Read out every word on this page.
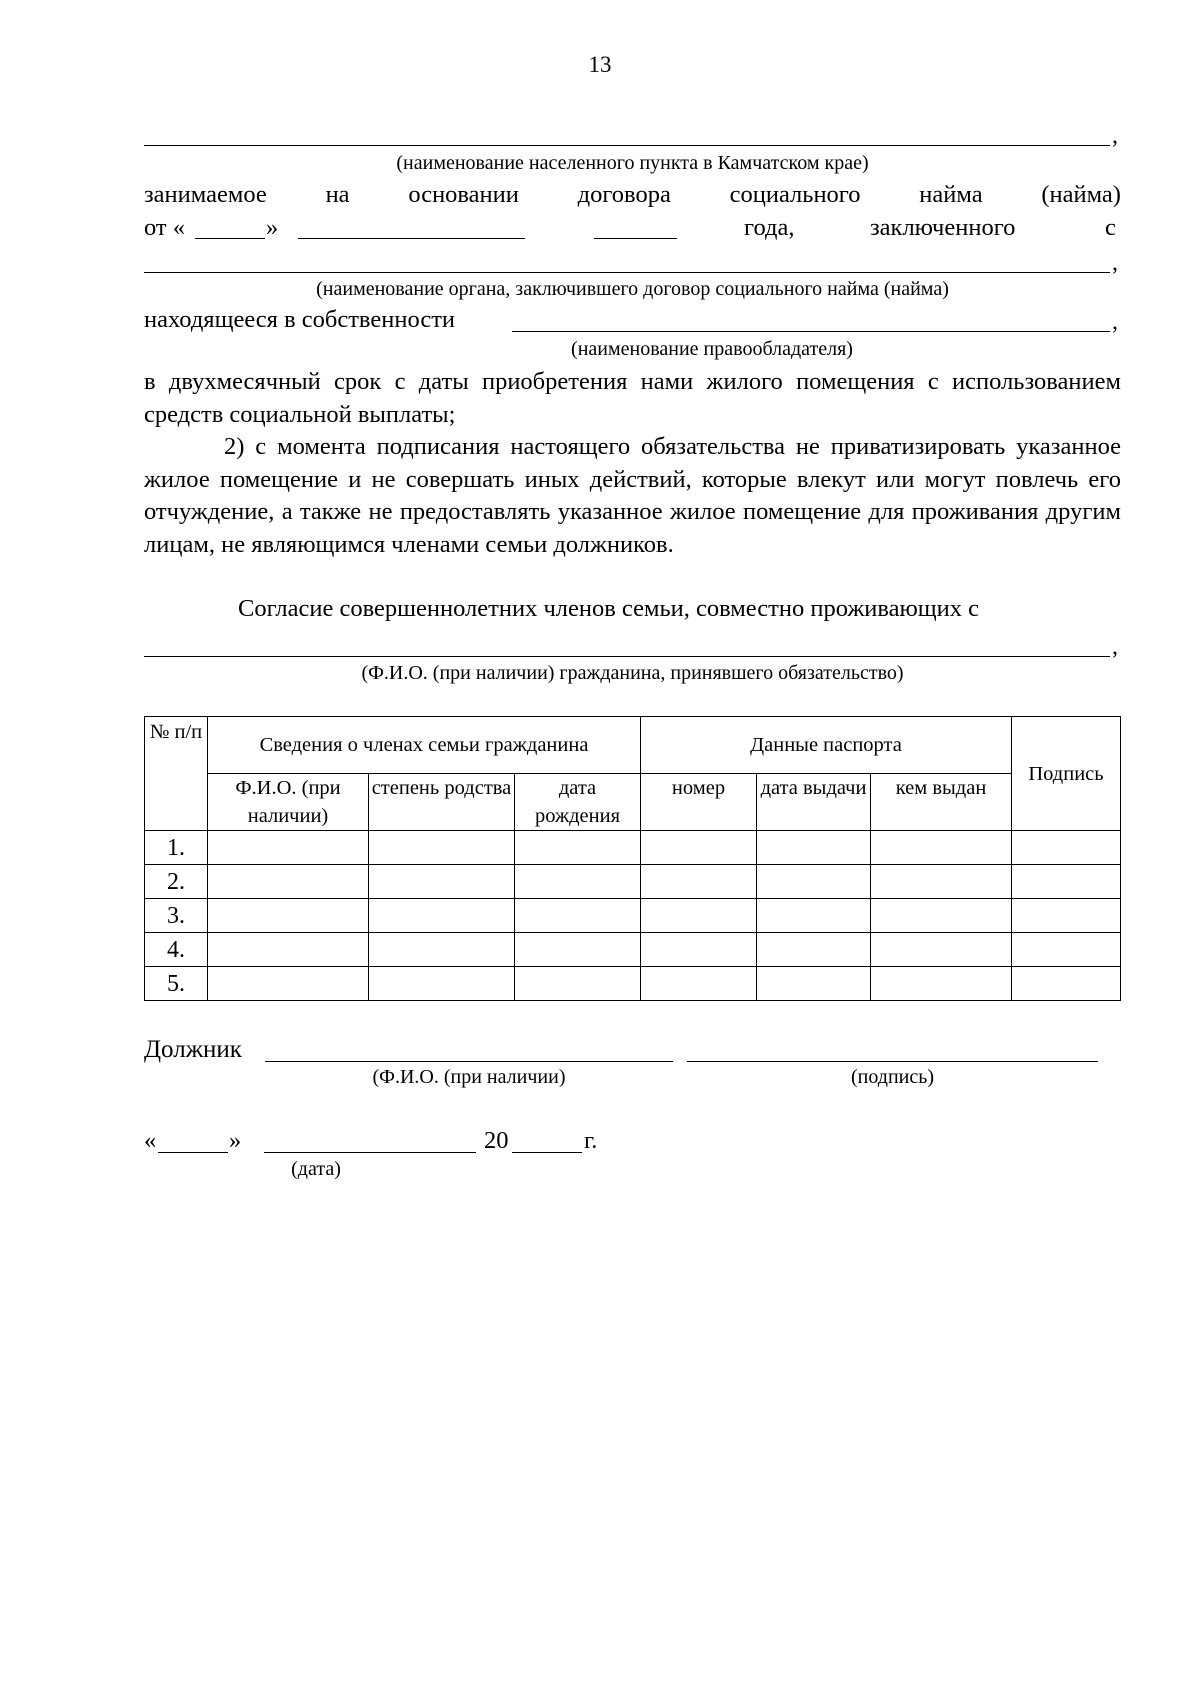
13
,
(наименование населенного пункта в Камчатском крае)
занимаемое на основании договора социального найма (найма)
от «	»	года,	заключенного	с
,
(наименование органа, заключившего договор социального найма (найма)
находящееся в собственности	,
(наименование правообладателя)
в двухмесячный срок с даты приобретения нами жилого помещения с использованием средств социальной выплаты;
2) с момента подписания настоящего обязательства не приватизировать указанное жилое помещение и не совершать иных действий, которые влекут или могут повлечь его отчуждение, а также не предоставлять указанное жилое помещение для проживания другим лицам, не являющимся членами семьи должников.
Согласие совершеннолетних членов семьи, совместно проживающих с
,
(Ф.И.О. (при наличии) гражданина, принявшего обязательство)
№ п/п	Сведения о членах семьи гражданина			Данные паспорта			Подпись
	Ф.И.О. (при наличии)	степень родства	дата рождения	номер	дата выдачи	кем выдан	
1.							
2.							
3.							
4.							
5.							
Должник
(Ф.И.О. (при наличии)	(подпись)
«	»	20	г.
(дата)
